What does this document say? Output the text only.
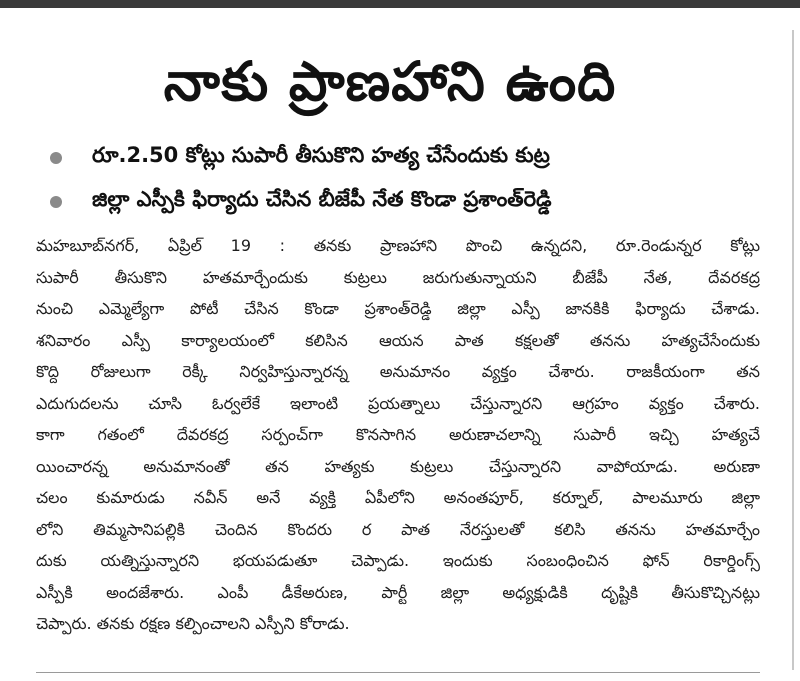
నాకు ప్రాణహాని ఉంది
రూ.2.50 కోట్లు సుపారీ తీసుకొని హత్య చేసేందుకు కుట్ర
జిల్లా ఎస్పీకి ఫిర్యాదు చేసిన బీజేపీ నేత కొండా ప్రశాంత్‌రెడ్డి
మహబూబ్‌నగర్, ఏప్రిల్ 19 : తనకు ప్రాణహాని పొంచి ఉన్నదని, రూ.రెండున్నర కోట్లు
సుపారీ తీసుకొని హతమార్చేందుకు కుట్రలు జరుగుతున్నాయని బీజేపీ నేత, దేవరకద్ర
నుంచి ఎమ్మెల్యేగా పోటీ చేసిన కొండా ప్రశాంత్‌రెడ్డి జిల్లా ఎస్పీ జానకికి ఫిర్యాదు చేశాడు.
శనివారం ఎస్పీ కార్యాలయంలో కలిసిన ఆయన పాత కక్షలతో తనను హత్యచేసేందుకు
కొద్ది రోజులుగా రెక్కీ నిర్వహిస్తున్నారన్న అనుమానం వ్యక్తం చేశారు. రాజకీయంగా తన
ఎదుగుదలను చూసి ఓర్వలేకే ఇలాంటి ప్రయత్నాలు చేస్తున్నారని ఆగ్రహం వ్యక్తం చేశారు.
కాగా గతంలో దేవరకద్ర సర్పంచ్‌గా కొనసాగిన అరుణాచలాన్ని సుపారీ ఇచ్చి హత్యచే
యించారన్న అనుమానంతో తన హత్యకు కుట్రలు చేస్తున్నారని వాపోయాడు. అరుణా
చలం కుమారుడు నవీన్ అనే వ్యక్తి ఏపీలోని అనంతపూర్, కర్నూల్, పాలమూరు జిల్లా
లోని తిమ్మసానిపల్లికి చెందిన కొందరు ర పాత నేరస్తులతో కలిసి తనను హతమార్చేం
దుకు యత్నిస్తున్నారని భయపడుతూ చెప్పాడు. ఇందుకు సంబంధించిన ఫోన్ రికార్డింగ్స్
ఎస్పీకి అందజేశారు. ఎంపీ డీకేఅరుణ, పార్టీ జిల్లా అధ్యక్షుడికి దృష్టికి తీసుకొచ్చినట్లు
చెప్పారు. తనకు రక్షణ కల్పించాలని ఎస్పీని కోరాడు.
